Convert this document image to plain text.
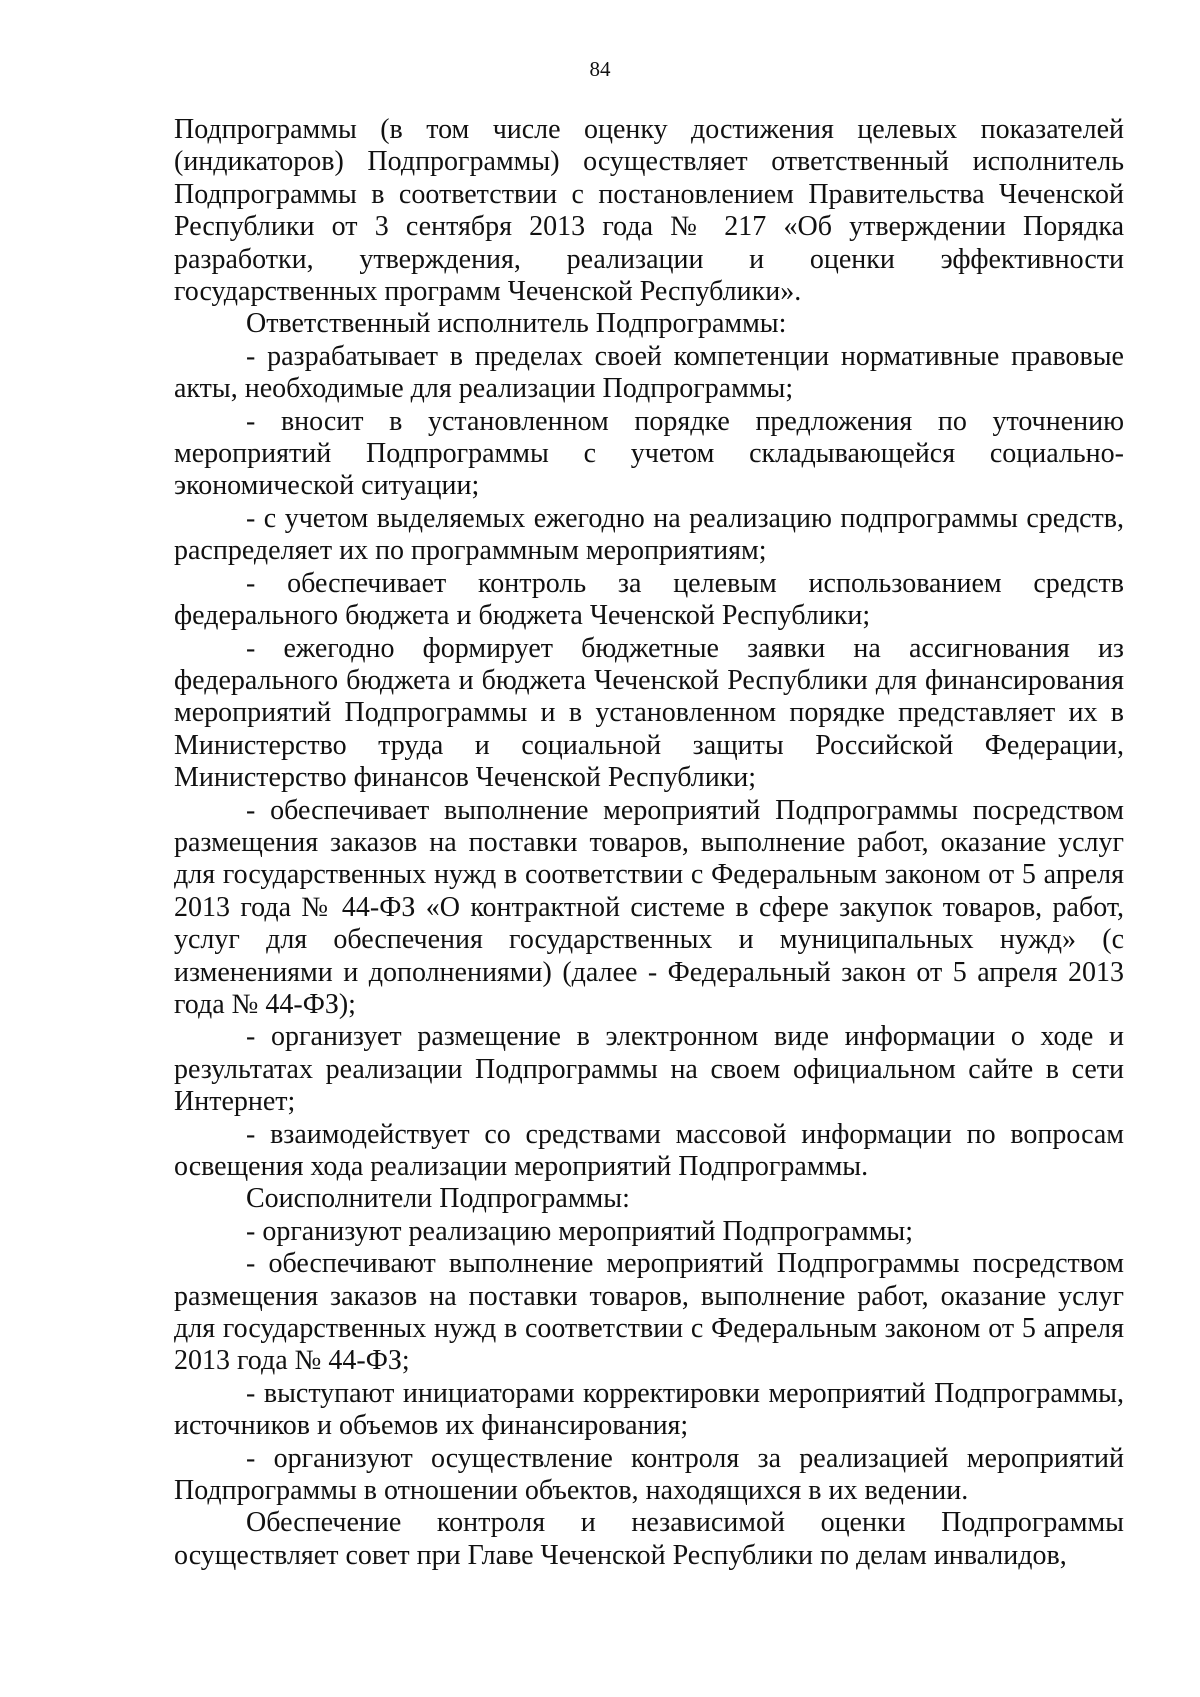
84

Подпрограммы (в том числе оценку достижения целевых показателей (индикаторов) Подпрограммы) осуществляет ответственный исполнитель Подпрограммы в соответствии с постановлением Правительства Чеченской Республики от 3 сентября 2013 года № 217 «Об утверждении Порядка разработки, утверждения, реализации и оценки эффективности государственных программ Чеченской Республики».

Ответственный исполнитель Подпрограммы:

- разрабатывает в пределах своей компетенции нормативные правовые акты, необходимые для реализации Подпрограммы;

- вносит в установленном порядке предложения по уточнению мероприятий Подпрограммы с учетом складывающейся социально-экономической ситуации;

- с учетом выделяемых ежегодно на реализацию подпрограммы средств, распределяет их по программным мероприятиям;

- обеспечивает контроль за целевым использованием средств федерального бюджета и бюджета Чеченской Республики;

- ежегодно формирует бюджетные заявки на ассигнования из федерального бюджета и бюджета Чеченской Республики для финансирования мероприятий Подпрограммы и в установленном порядке представляет их в Министерство труда и социальной защиты Российской Федерации, Министерство финансов Чеченской Республики;

- обеспечивает выполнение мероприятий Подпрограммы посредством размещения заказов на поставки товаров, выполнение работ, оказание услуг для государственных нужд в соответствии с Федеральным законом от 5 апреля 2013 года № 44-ФЗ «О контрактной системе в сфере закупок товаров, работ, услуг для обеспечения государственных и муниципальных нужд» (с изменениями и дополнениями) (далее - Федеральный закон от 5 апреля 2013 года № 44-ФЗ);

- организует размещение в электронном виде информации о ходе и результатах реализации Подпрограммы на своем официальном сайте в сети Интернет;

- взаимодействует со средствами массовой информации по вопросам освещения хода реализации мероприятий Подпрограммы.

Соисполнители Подпрограммы:

- организуют реализацию мероприятий Подпрограммы;

- обеспечивают выполнение мероприятий Подпрограммы посредством размещения заказов на поставки товаров, выполнение работ, оказание услуг для государственных нужд в соответствии с Федеральным законом от 5 апреля 2013 года № 44-ФЗ;

- выступают инициаторами корректировки мероприятий Подпрограммы, источников и объемов их финансирования;

- организуют осуществление контроля за реализацией мероприятий Подпрограммы в отношении объектов, находящихся в их ведении.

Обеспечение контроля и независимой оценки Подпрограммы осуществляет совет при Главе Чеченской Республики по делам инвалидов,
